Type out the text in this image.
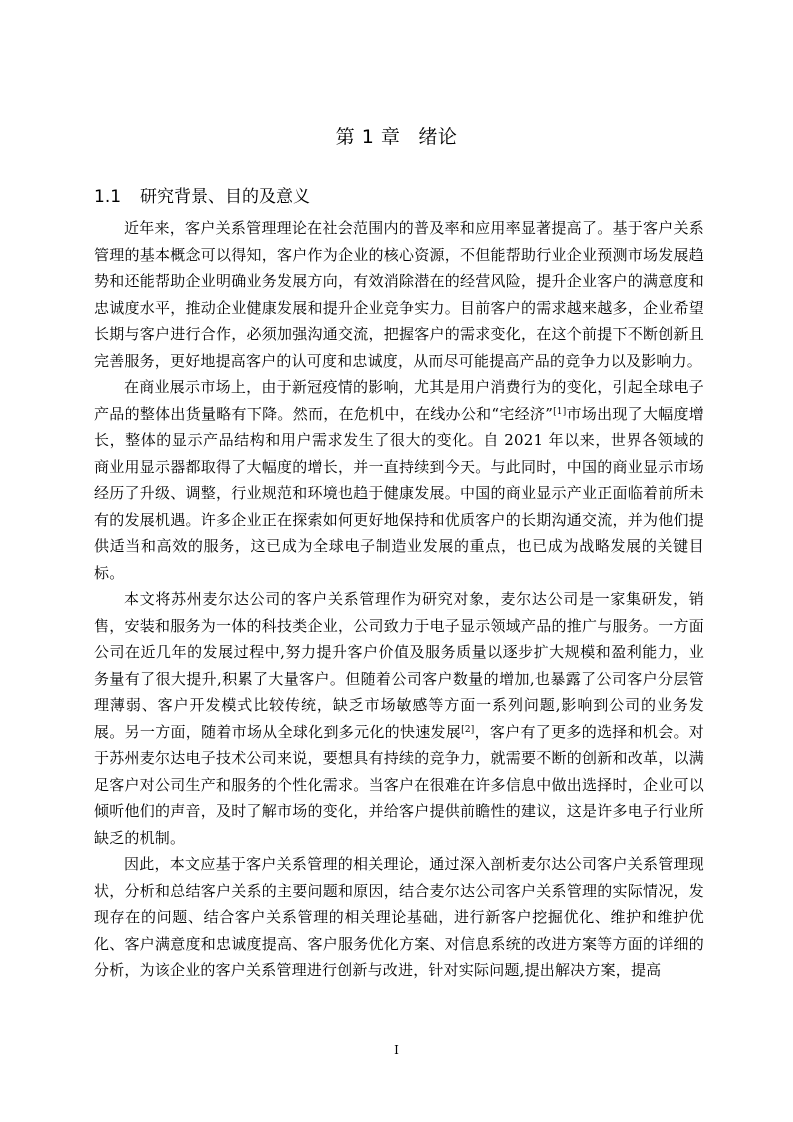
第 1 章 绪论
1.1 研究背景、目的及意义

近年来，客户关系管理理论在社会范围内的普及率和应用率显著提高了。基于客户关系管理的基本概念可以得知，客户作为企业的核心资源，不但能帮助行业企业预测市场发展趋势和还能帮助企业明确业务发展方向，有效消除潜在的经营风险，提升企业客户的满意度和忠诚度水平，推动企业健康发展和提升企业竞争实力。目前客户的需求越来越多，企业希望长期与客户进行合作，必须加强沟通交流，把握客户的需求变化，在这个前提下不断创新且完善服务，更好地提高客户的认可度和忠诚度，从而尽可能提高产品的竞争力以及影响力。

在商业展示市场上，由于新冠疫情的影响，尤其是用户消费行为的变化，引起全球电子产品的整体出货量略有下降。然而，在危机中，在线办公和“宅经济”[1]市场出现了大幅度增长，整体的显示产品结构和用户需求发生了很大的变化。自 2021 年以来，世界各领域的商业用显示器都取得了大幅度的增长，并一直持续到今天。与此同时，中国的商业显示市场经历了升级、调整，行业规范和环境也趋于健康发展。中国的商业显示产业正面临着前所未有的发展机遇。许多企业正在探索如何更好地保持和优质客户的长期沟通交流，并为他们提供适当和高效的服务，这已成为全球电子制造业发展的重点，也已成为战略发展的关键目标。

本文将苏州麦尔达公司的客户关系管理作为研究对象，麦尔达公司是一家集研发，销售，安装和服务为一体的科技类企业，公司致力于电子显示领域产品的推广与服务。一方面公司在近几年的发展过程中,努力提升客户价值及服务质量以逐步扩大规模和盈利能力，业务量有了很大提升,积累了大量客户。但随着公司客户数量的增加,也暴露了公司客户分层管理薄弱、客户开发模式比较传统，缺乏市场敏感等方面一系列问题,影响到公司的业务发展。另一方面，随着市场从全球化到多元化的快速发展[2]，客户有了更多的选择和机会。对于苏州麦尔达电子技术公司来说，要想具有持续的竞争力，就需要不断的创新和改革，以满足客户对公司生产和服务的个性化需求。当客户在很难在许多信息中做出选择时，企业可以倾听他们的声音，及时了解市场的变化，并给客户提供前瞻性的建议，这是许多电子行业所缺乏的机制。

因此，本文应基于客户关系管理的相关理论，通过深入剖析麦尔达公司客户关系管理现状，分析和总结客户关系的主要问题和原因，结合麦尔达公司客户关系管理的实际情况，发现存在的问题、结合客户关系管理的相关理论基础，进行新客户挖掘优化、维护和维护优化、客户满意度和忠诚度提高、客户服务优化方案、对信息系统的改进方案等方面的详细的分析，为该企业的客户关系管理进行创新与改进，针对实际问题,提出解决方案，提高

I
